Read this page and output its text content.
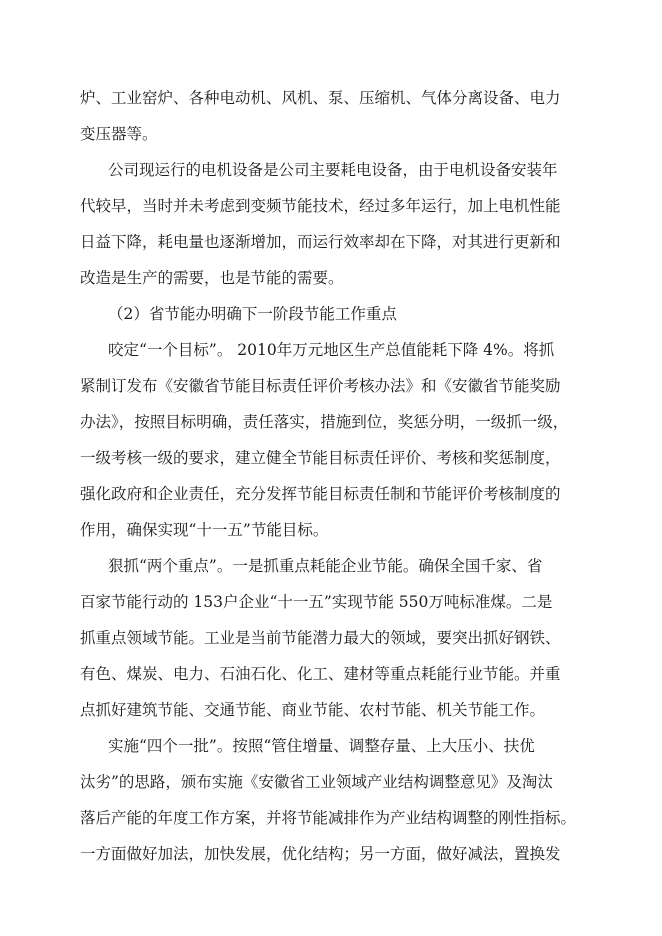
炉、工业窑炉、各种电动机、风机、泵、压缩机、气体分离设备、电力
变压器等。
公司现运行的电机设备是公司主要耗电设备，由于电机设备安装年
代较早，当时并未考虑到变频节能技术，经过多年运行，加上电机性能
日益下降，耗电量也逐渐增加，而运行效率却在下降，对其进行更新和
改造是生产的需要，也是节能的需要。
（2）省节能办明确下一阶段节能工作重点
咬定“一个目标”。 2010年万元地区生产总值能耗下降 4%。将抓
紧制订发布《安徽省节能目标责任评价考核办法》和《安徽省节能奖励
办法》，按照目标明确，责任落实，措施到位，奖惩分明，一级抓一级，
一级考核一级的要求，建立健全节能目标责任评价、考核和奖惩制度，
强化政府和企业责任，充分发挥节能目标责任制和节能评价考核制度的
作用，确保实现“十一五”节能目标。
狠抓“两个重点”。一是抓重点耗能企业节能。确保全国千家、省
百家节能行动的 153户企业“十一五”实现节能 550万吨标准煤。二是
抓重点领域节能。工业是当前节能潜力最大的领域，要突出抓好钢铁、
有色、煤炭、电力、石油石化、化工、建材等重点耗能行业节能。并重
点抓好建筑节能、交通节能、商业节能、农村节能、机关节能工作。
实施“四个一批”。按照“管住增量、调整存量、上大压小、扶优
汰劣”的思路，颁布实施《安徽省工业领域产业结构调整意见》及淘汰
落后产能的年度工作方案，并将节能减排作为产业结构调整的刚性指标。
一方面做好加法，加快发展，优化结构；另一方面，做好减法，置换发
